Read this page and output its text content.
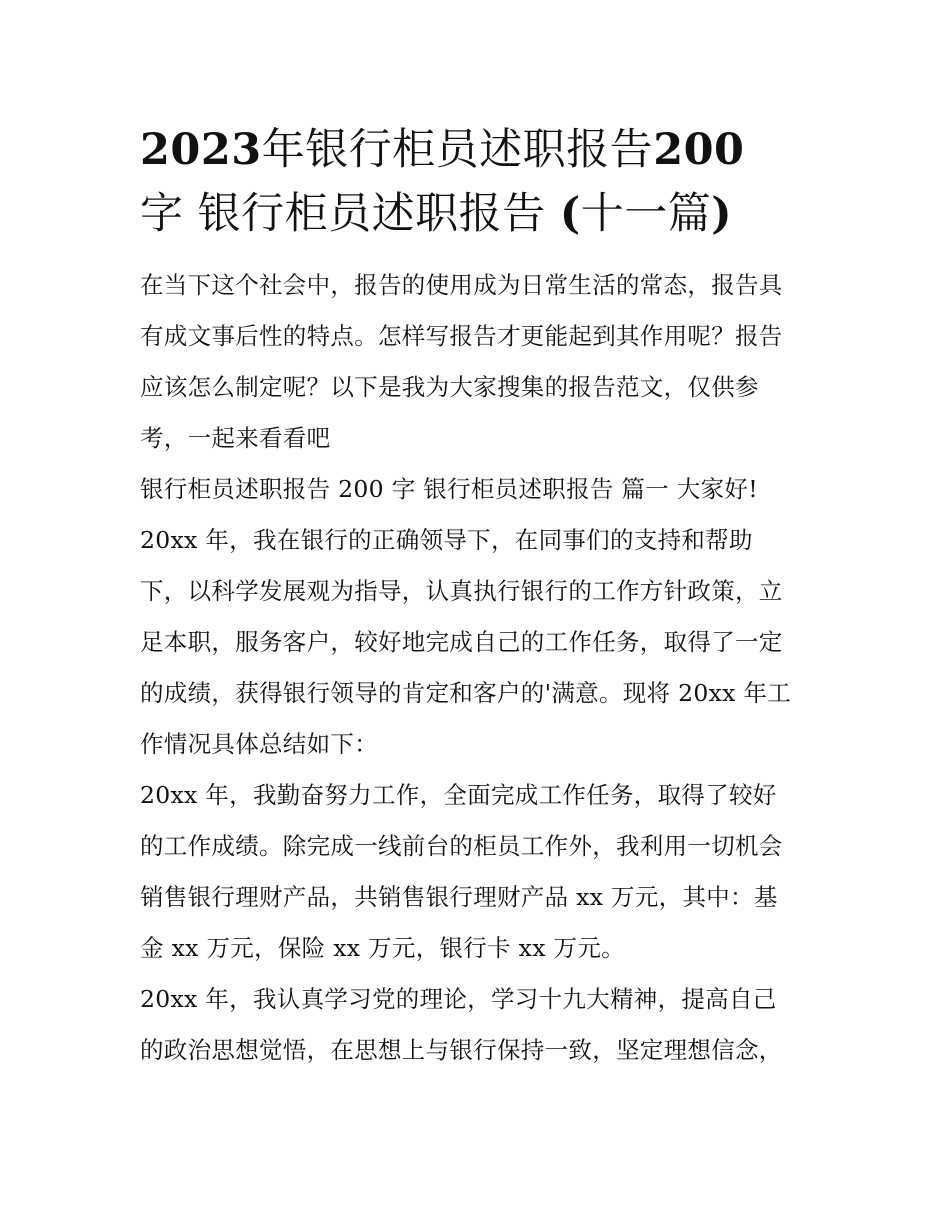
2023年银行柜员述职报告200
字 银行柜员述职报告 (十一篇)

在当下这个社会中，报告的使用成为日常生活的常态，报告具
有成文事后性的特点。怎样写报告才更能起到其作用呢？报告
应该怎么制定呢？以下是我为大家搜集的报告范文，仅供参
考，一起来看看吧

银行柜员述职报告 200 字 银行柜员述职报告 篇一 大家好!

20xx 年，我在银行的正确领导下，在同事们的支持和帮助
下，以科学发展观为指导，认真执行银行的工作方针政策，立
足本职，服务客户，较好地完成自己的工作任务，取得了一定
的成绩，获得银行领导的肯定和客户的'满意。现将 20xx 年工
作情况具体总结如下：

20xx 年，我勤奋努力工作，全面完成工作任务，取得了较好
的工作成绩。除完成一线前台的柜员工作外，我利用一切机会
销售银行理财产品，共销售银行理财产品 xx 万元，其中：基
金 xx 万元，保险 xx 万元，银行卡 xx 万元。

20xx 年，我认真学习党的理论，学习十九大精神，提高自己
的政治思想觉悟，在思想上与银行保持一致，坚定理想信念，
